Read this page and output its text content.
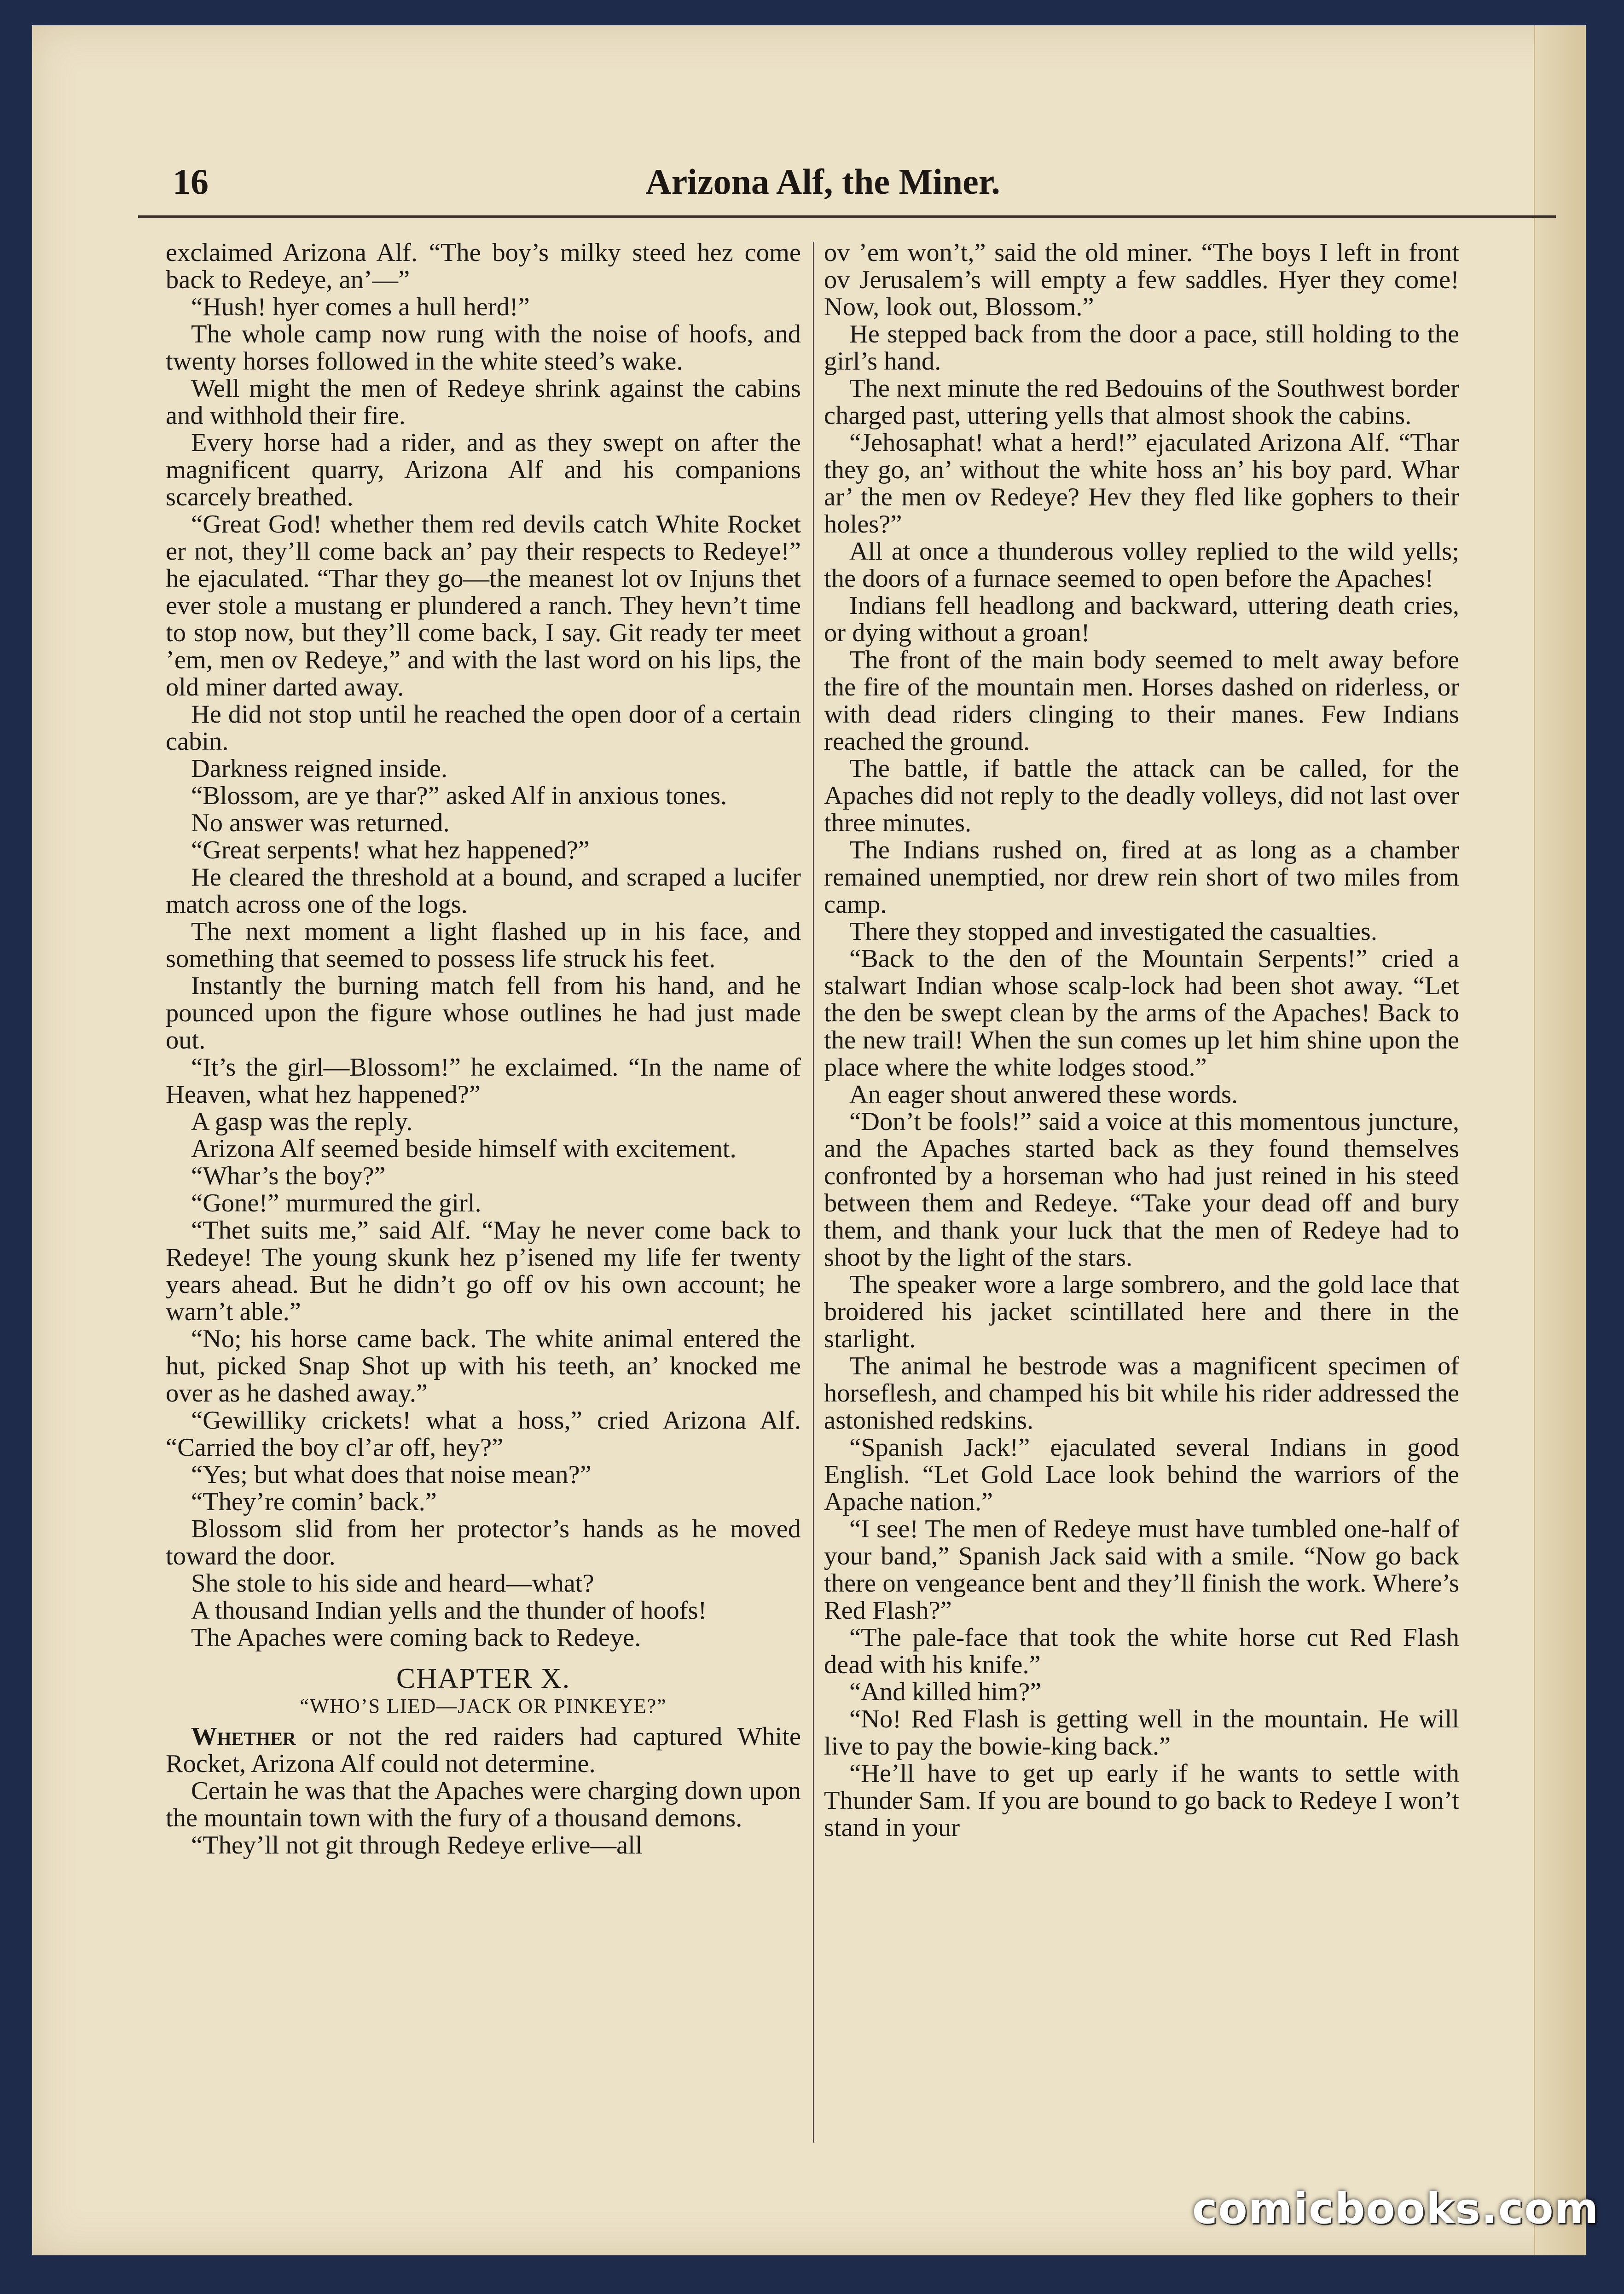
16	Arizona Alf, the Miner.

exclaimed Arizona Alf. “The boy’s milky steed hez come back to Redeye, an’—”

“Hush! hyer comes a hull herd!”

The whole camp now rung with the noise of hoofs, and twenty horses followed in the white steed’s wake.

Well might the men of Redeye shrink against the cabins and withhold their fire.

Every horse had a rider, and as they swept on after the magnificent quarry, Arizona Alf and his companions scarcely breathed.

“Great God! whether them red devils catch White Rocket er not, they’ll come back an’ pay their respects to Redeye!” he ejaculated. “Thar they go—the meanest lot ov Injuns thet ever stole a mustang er plundered a ranch. They hevn’t time to stop now, but they’ll come back, I say. Git ready ter meet ’em, men ov Redeye,” and with the last word on his lips, the old miner darted away.

He did not stop until he reached the open door of a certain cabin.

Darkness reigned inside.

“Blossom, are ye thar?” asked Alf in anxious tones.

No answer was returned.

“Great serpents! what hez happened?”

He cleared the threshold at a bound, and scraped a lucifer match across one of the logs.

The next moment a light flashed up in his face, and something that seemed to possess life struck his feet.

Instantly the burning match fell from his hand, and he pounced upon the figure whose outlines he had just made out.

“It’s the girl—Blossom!” he exclaimed. “In the name of Heaven, what hez happened?”

A gasp was the reply.

Arizona Alf seemed beside himself with excitement.

“Whar’s the boy?”

“Gone!” murmured the girl.

“Thet suits me,” said Alf. “May he never come back to Redeye! The young skunk hez p’isened my life fer twenty years ahead. But he didn’t go off ov his own account; he warn’t able.”

“No; his horse came back. The white animal entered the hut, picked Snap Shot up with his teeth, an’ knocked me over as he dashed away.”

“Gewilliky crickets! what a hoss,” cried Arizona Alf. “Carried the boy cl’ar off, hey?”

“Yes; but what does that noise mean?”

“They’re comin’ back.”

Blossom slid from her protector’s hands as he moved toward the door.

She stole to his side and heard—what?

A thousand Indian yells and the thunder of hoofs!

The Apaches were coming back to Redeye.

CHAPTER X.
“WHO’S LIED—JACK OR PINKEYE?”

Whether or not the red raiders had captured White Rocket, Arizona Alf could not determine.

Certain he was that the Apaches were charging down upon the mountain town with the fury of a thousand demons.

“They’ll not git through Redeye erlive—all

ov ’em won’t,” said the old miner. “The boys I left in front ov Jerusalem’s will empty a few saddles. Hyer they come! Now, look out, Blossom.”

He stepped back from the door a pace, still holding to the girl’s hand.

The next minute the red Bedouins of the Southwest border charged past, uttering yells that almost shook the cabins.

“Jehosaphat! what a herd!” ejaculated Arizona Alf. “Thar they go, an’ without the white hoss an’ his boy pard. Whar ar’ the men ov Redeye? Hev they fled like gophers to their holes?”

All at once a thunderous volley replied to the wild yells; the doors of a furnace seemed to open before the Apaches!

Indians fell headlong and backward, uttering death cries, or dying without a groan!

The front of the main body seemed to melt away before the fire of the mountain men. Horses dashed on riderless, or with dead riders clinging to their manes. Few Indians reached the ground.

The battle, if battle the attack can be called, for the Apaches did not reply to the deadly volleys, did not last over three minutes.

The Indians rushed on, fired at as long as a chamber remained unemptied, nor drew rein short of two miles from camp.

There they stopped and investigated the casualties.

“Back to the den of the Mountain Serpents!” cried a stalwart Indian whose scalp-lock had been shot away. “Let the den be swept clean by the arms of the Apaches! Back to the new trail! When the sun comes up let him shine upon the place where the white lodges stood.”

An eager shout anwered these words.

“Don’t be fools!” said a voice at this momentous juncture, and the Apaches started back as they found themselves confronted by a horseman who had just reined in his steed between them and Redeye. “Take your dead off and bury them, and thank your luck that the men of Redeye had to shoot by the light of the stars.

The speaker wore a large sombrero, and the gold lace that broidered his jacket scintillated here and there in the starlight.

The animal he bestrode was a magnificent specimen of horseflesh, and champed his bit while his rider addressed the astonished redskins.

“Spanish Jack!” ejaculated several Indians in good English. “Let Gold Lace look behind the warriors of the Apache nation.”

“I see! The men of Redeye must have tumbled one-half of your band,” Spanish Jack said with a smile. “Now go back there on vengeance bent and they’ll finish the work. Where’s Red Flash?”

“The pale-face that took the white horse cut Red Flash dead with his knife.”

“And killed him?”

“No! Red Flash is getting well in the mountain. He will live to pay the bowie-king back.”

“He’ll have to get up early if he wants to settle with Thunder Sam. If you are bound to go back to Redeye I won’t stand in your

comicbooks.com
